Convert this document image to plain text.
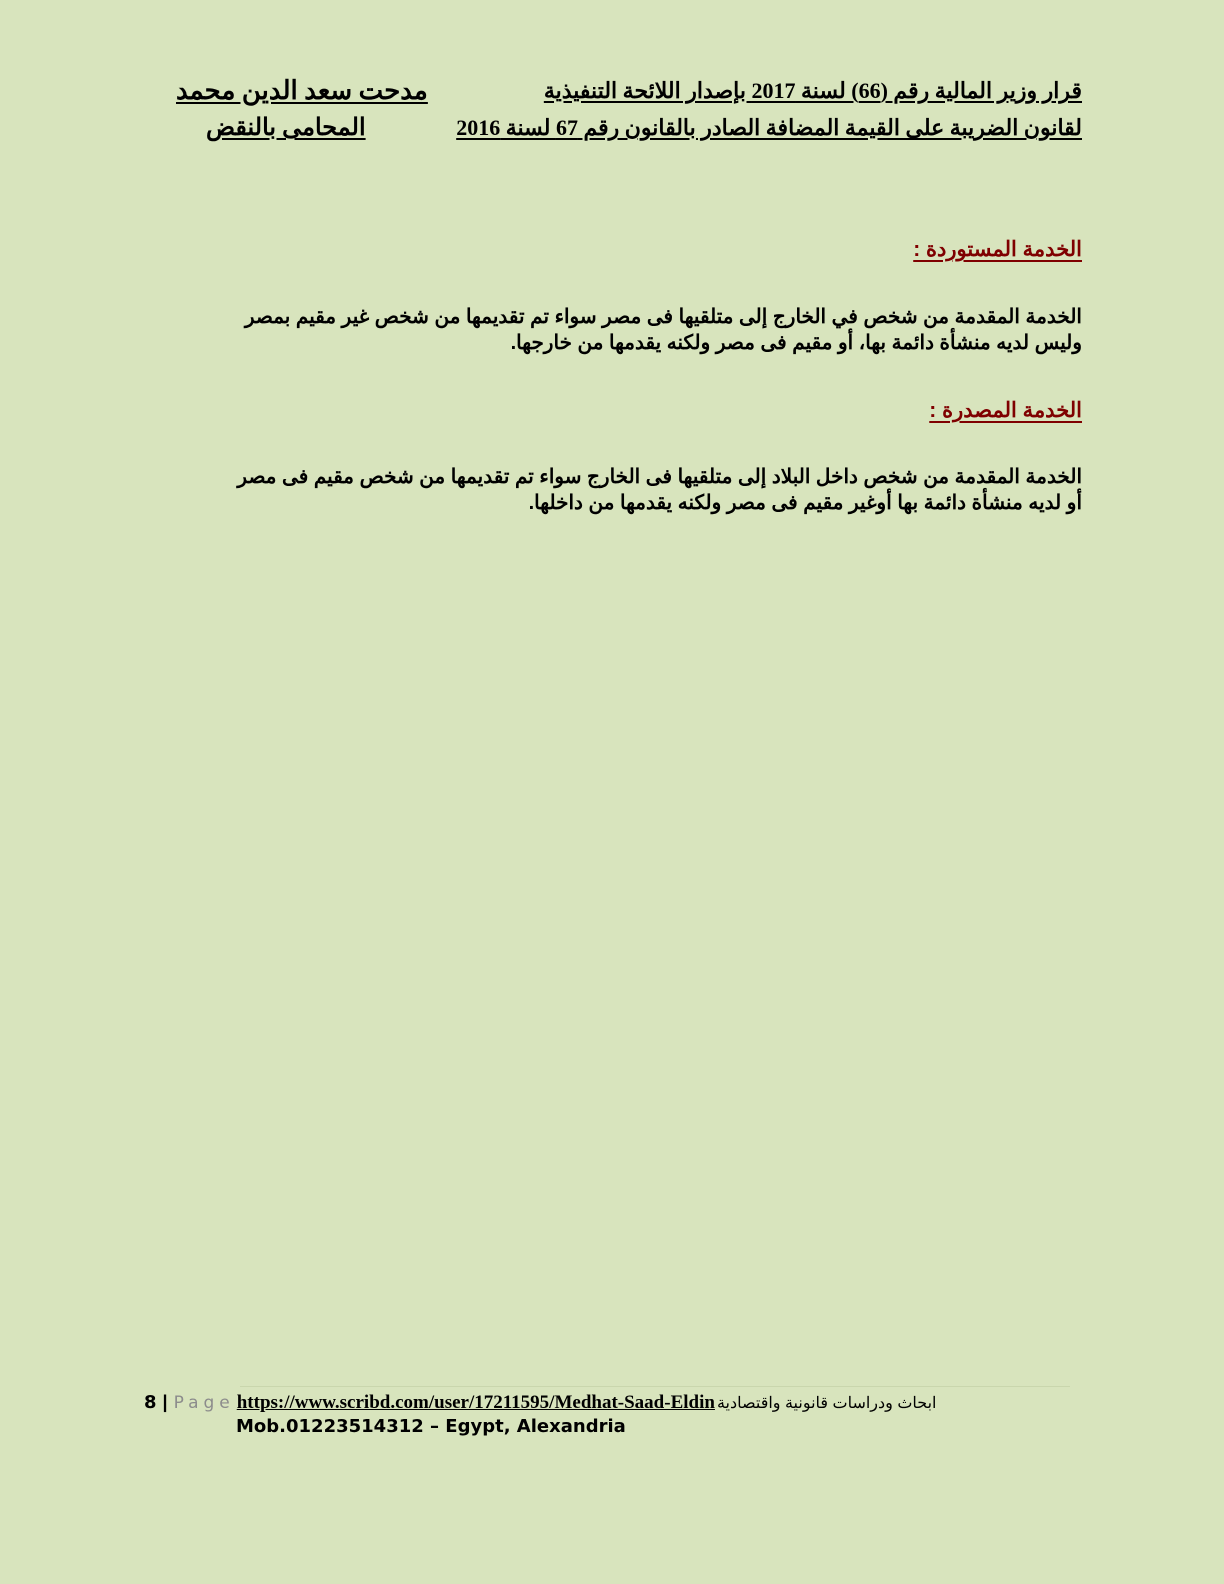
قرار وزير المالية رقم (66) لسنة 2017 بإصدار اللائحة التنفيذية
لقانون الضريبة على القيمة المضافة الصادر بالقانون رقم 67 لسنة 2016
مدحت سعد الدين محمد
المحامى بالنقض
الخدمة المستوردة :
الخدمة المقدمة من شخص في الخارج إلى متلقيها فى مصر سواء تم تقديمها من شخص غير مقيم بمصر
وليس لديه منشأة دائمة بها، أو مقيم فى مصر ولكنه يقدمها من خارجها.
الخدمة المصدرة :
الخدمة المقدمة من شخص داخل البلاد إلى متلقيها فى الخارج سواء تم تقديمها من شخص مقيم فى مصر
أو لديه منشأة دائمة بها أوغير مقيم فى مصر ولكنه يقدمها من داخلها.
8 | Page https://www.scribd.com/user/17211595/Medhat-Saad-Eldin ابحاث ودراسات قانونية واقتصادية
Mob.01223514312 – Egypt, Alexandria
